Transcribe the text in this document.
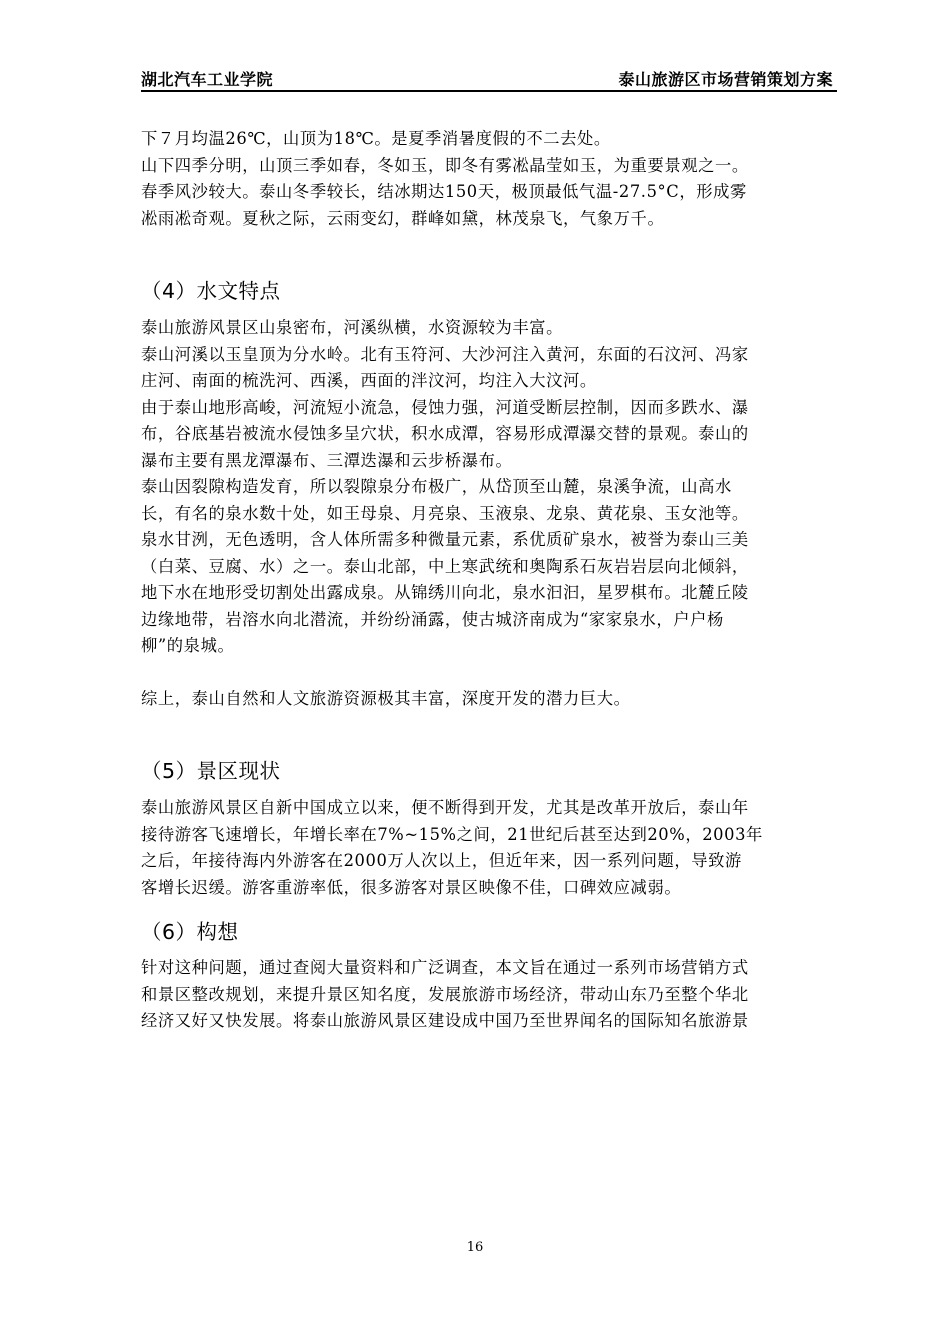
湖北汽车工业学院	泰山旅游区市场营销策划方案

下７月均温26℃，山顶为18℃。是夏季消暑度假的不二去处。

山下四季分明，山顶三季如春，冬如玉，即冬有雾凇晶莹如玉，为重要景观之一。

春季风沙较大。泰山冬季较长，结冰期达150天，极顶最低气温-27.5°C，形成雾

凇雨凇奇观。夏秋之际，云雨变幻，群峰如黛，林茂泉飞，气象万千。

（4）水文特点

泰山旅游风景区山泉密布，河溪纵横，水资源较为丰富。

泰山河溪以玉皇顶为分水岭。北有玉符河、大沙河注入黄河，东面的石汶河、冯家

庄河、南面的梳洗河、西溪，西面的泮汶河，均注入大汶河。

由于泰山地形高峻，河流短小流急，侵蚀力强，河道受断层控制，因而多跌水、瀑

布，谷底基岩被流水侵蚀多呈穴状，积水成潭，容易形成潭瀑交替的景观。泰山的

瀑布主要有黑龙潭瀑布、三潭迭瀑和云步桥瀑布。

泰山因裂隙构造发育，所以裂隙泉分布极广，从岱顶至山麓，泉溪争流，山高水

长，有名的泉水数十处，如王母泉、月亮泉、玉液泉、龙泉、黄花泉、玉女池等。

泉水甘洌，无色透明，含人体所需多种微量元素，系优质矿泉水，被誉为泰山三美

（白菜、豆腐、水）之一。泰山北部，中上寒武统和奥陶系石灰岩岩层向北倾斜，

地下水在地形受切割处出露成泉。从锦绣川向北，泉水汩汩，星罗棋布。北麓丘陵

边缘地带，岩溶水向北潜流，并纷纷涌露，使古城济南成为“家家泉水，户户杨

柳”的泉城。

综上，泰山自然和人文旅游资源极其丰富，深度开发的潜力巨大。

（5）景区现状

泰山旅游风景区自新中国成立以来，便不断得到开发，尤其是改革开放后，泰山年

接待游客飞速增长，年增长率在7%~15%之间，21世纪后甚至达到20%，2003年

之后，年接待海内外游客在2000万人次以上，但近年来，因一系列问题，导致游

客增长迟缓。游客重游率低，很多游客对景区映像不佳，口碑效应减弱。

（6）构想

针对这种问题，通过查阅大量资料和广泛调查，本文旨在通过一系列市场营销方式

和景区整改规划，来提升景区知名度，发展旅游市场经济，带动山东乃至整个华北

经济又好又快发展。将泰山旅游风景区建设成中国乃至世界闻名的国际知名旅游景

16
